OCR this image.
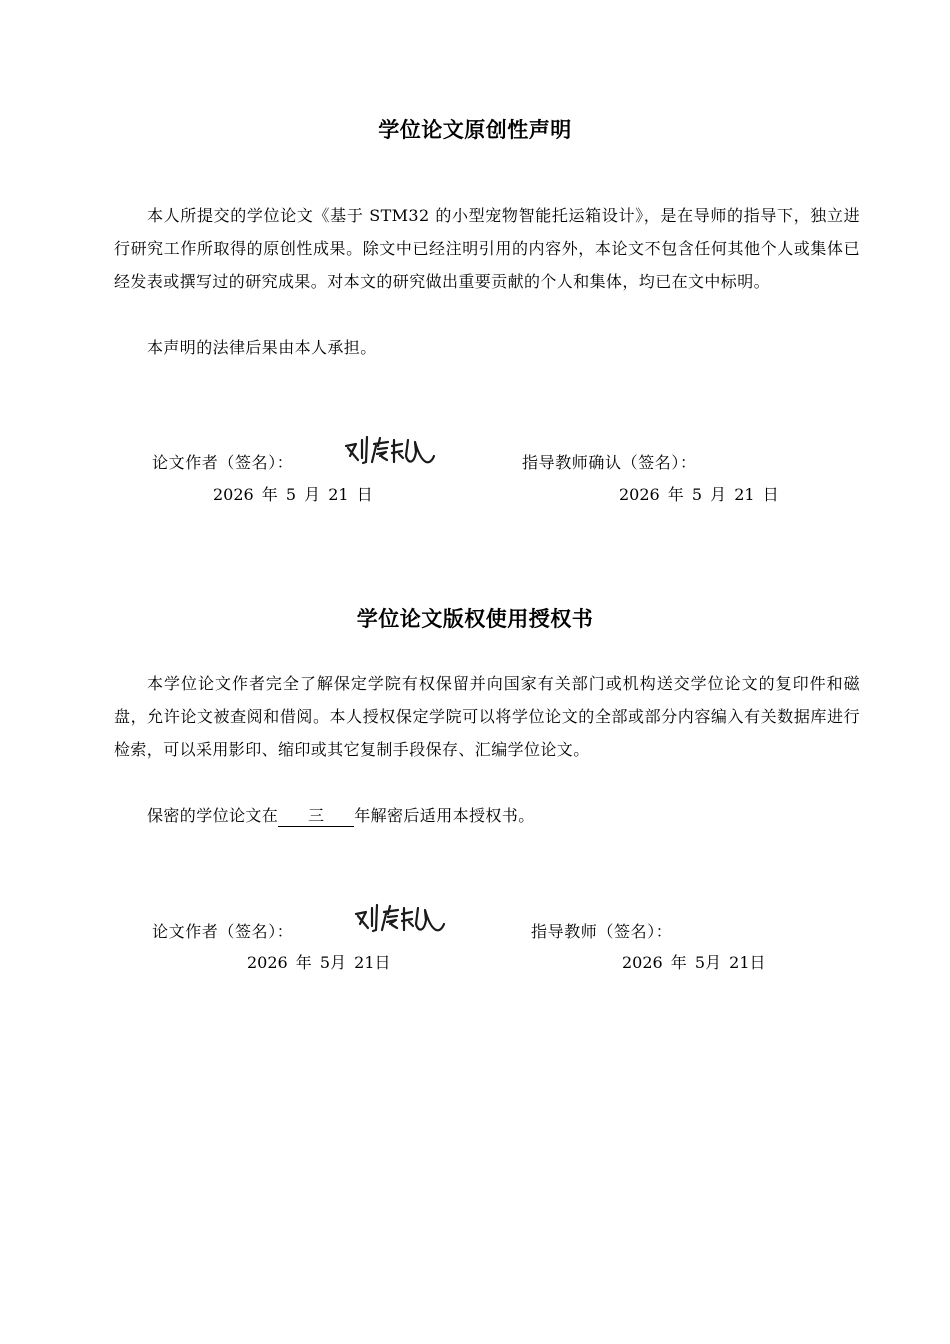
学位论文原创性声明

本人所提交的学位论文《基于 STM32 的小型宠物智能托运箱设计》，是在导师的指导下，独立进行研究工作所取得的原创性成果。除文中已经注明引用的内容外，本论文不包含任何其他个人或集体已经发表或撰写过的研究成果。对本文的研究做出重要贡献的个人和集体，均已在文中标明。

本声明的法律后果由本人承担。

论文作者（签名）：	指导教师确认（签名）：
2026 年 5 月 21 日	2026 年 5 月 21 日
学位论文版权使用授权书

本学位论文作者完全了解保定学院有权保留并向国家有关部门或机构送交学位论文的复印件和磁盘，允许论文被查阅和借阅。本人授权保定学院可以将学位论文的全部或部分内容编入有关数据库进行检索，可以采用影印、缩印或其它复制手段保存、汇编学位论文。

保密的学位论文在 三 年解密后适用本授权书。

论文作者（签名）：	指导教师（签名）：
2026 年 5月 21日	2026 年 5月 21日
